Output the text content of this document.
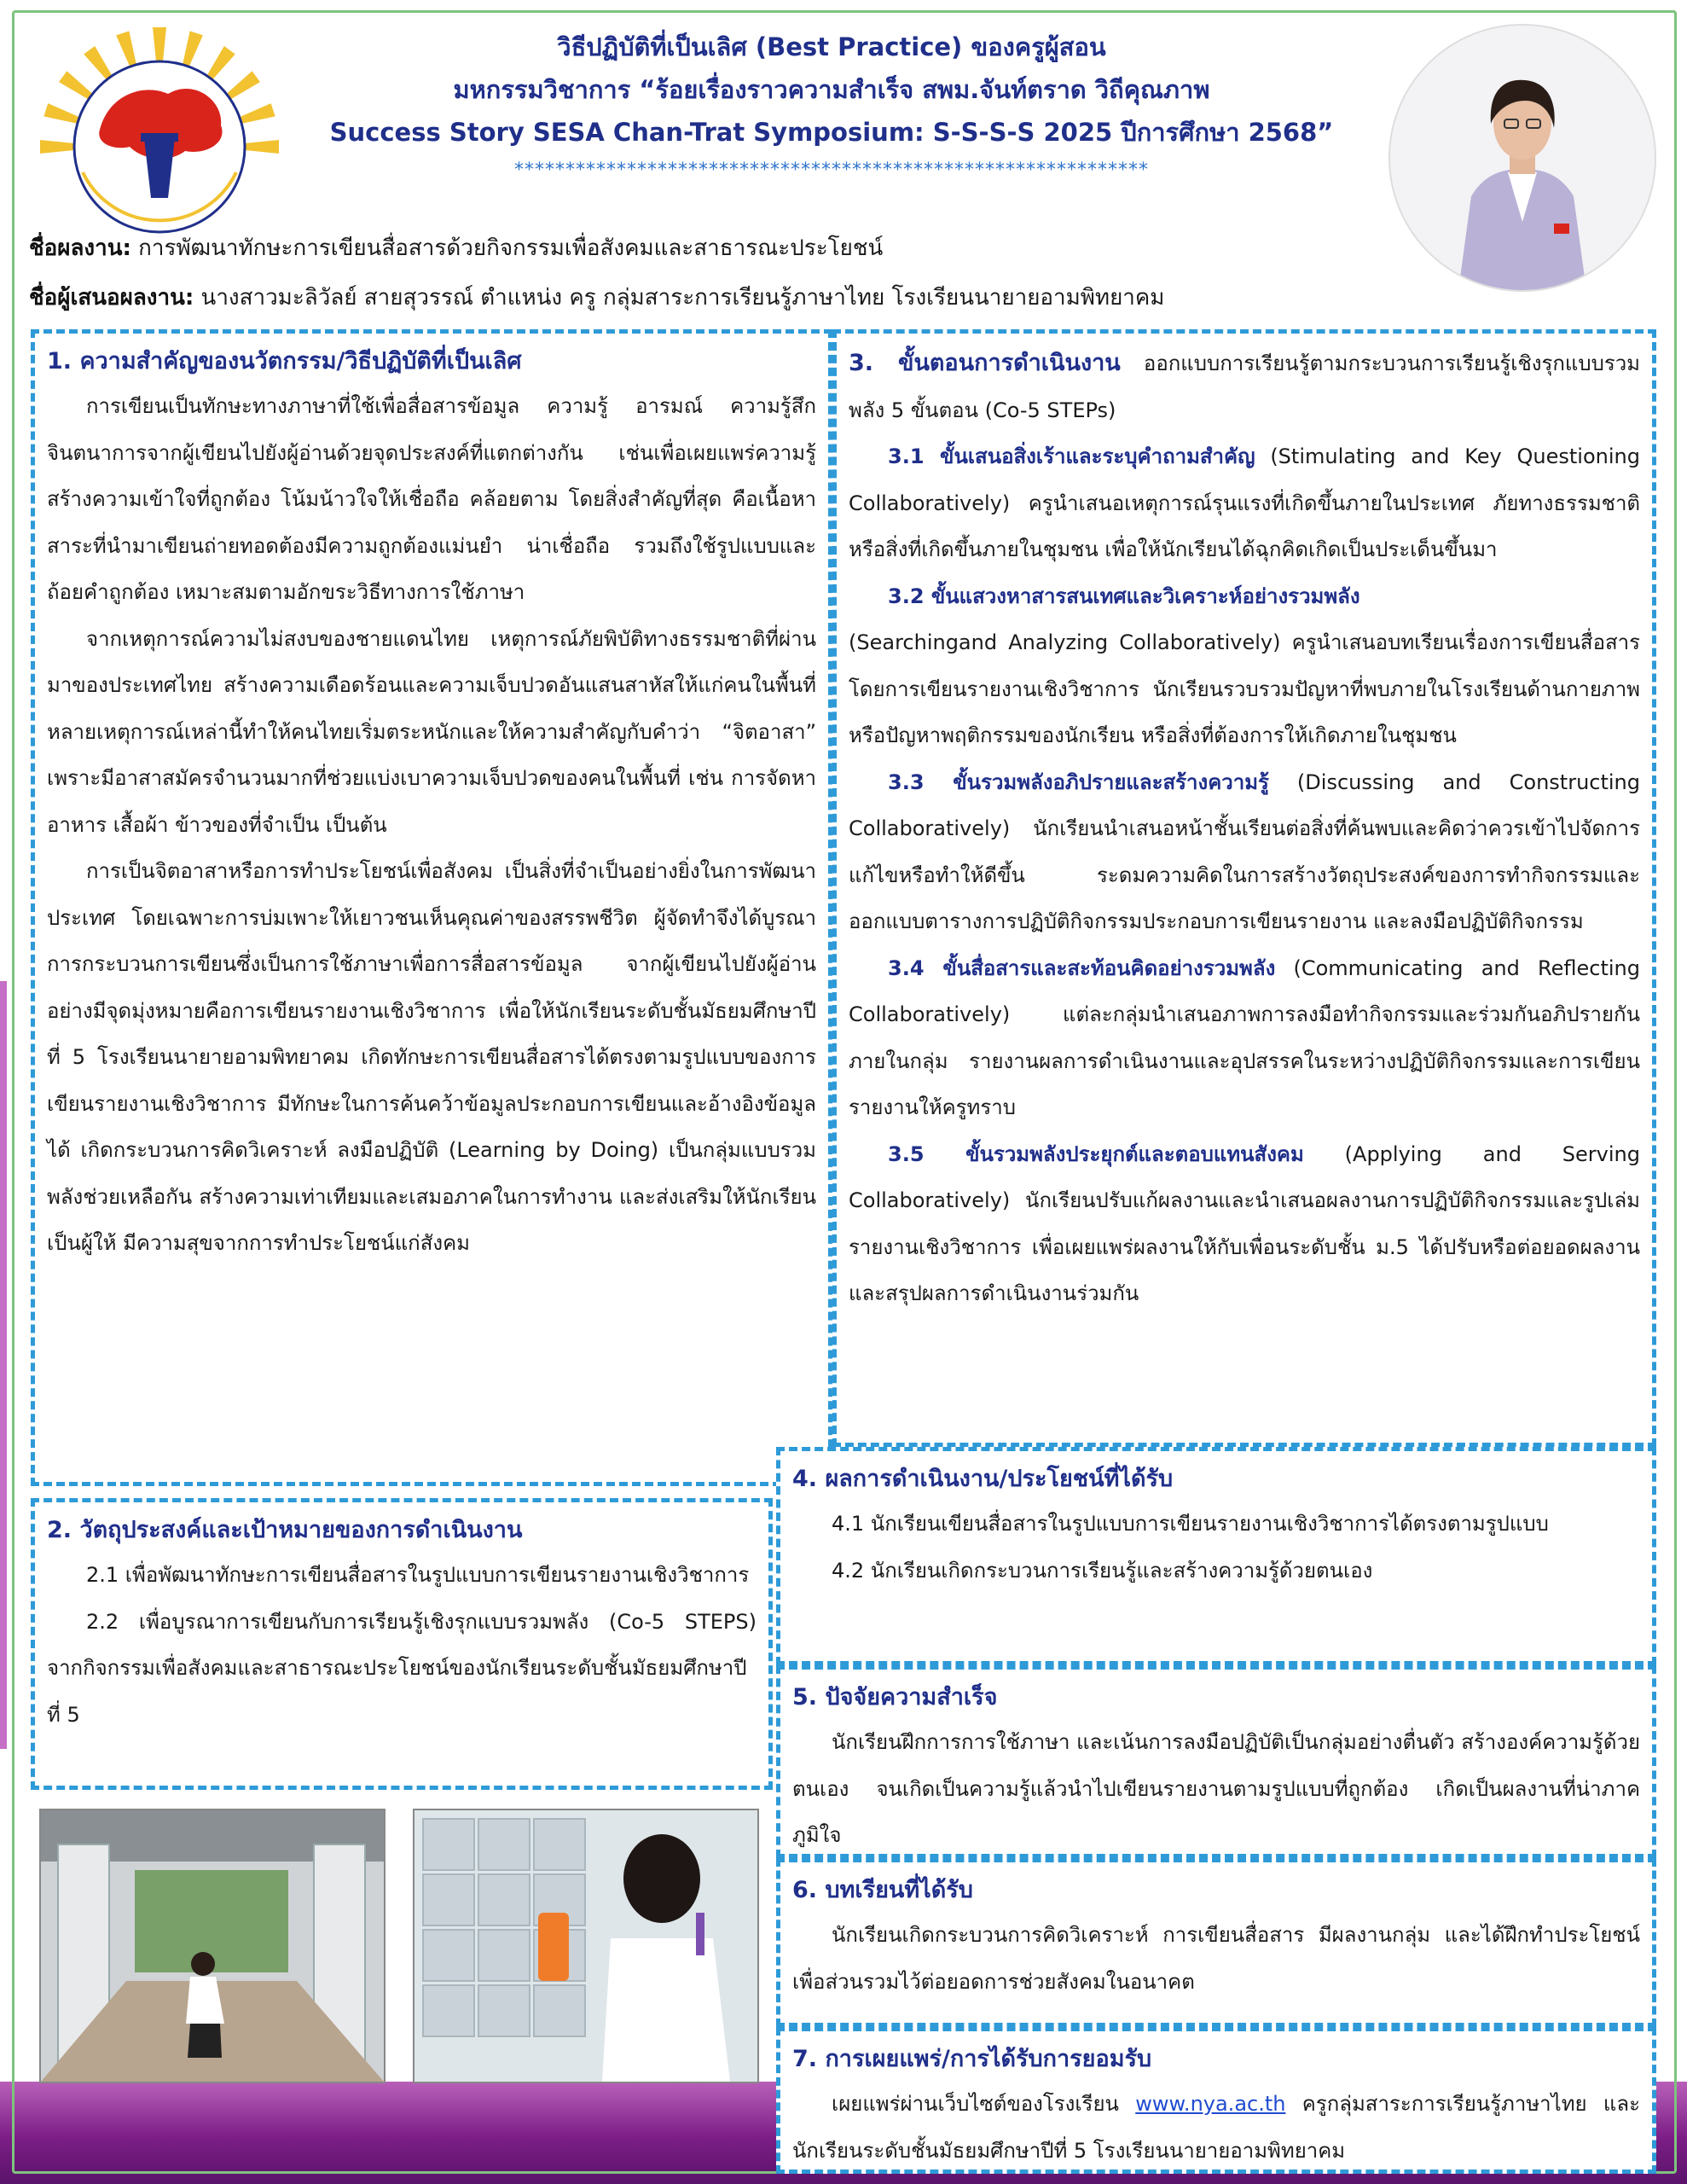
วิธีปฏิบัติที่เป็นเลิศ (Best Practice) ของครูผู้สอน
มหกรรมวิชาการ “ร้อยเรื่องราวความสำเร็จ สพม.จันท์ตราด วิถีคุณภาพ
Success Story SESA Chan-Trat Symposium: S-S-S-S 2025 ปีการศึกษา 2568”
**************************************************************
ชื่อผลงาน: การพัฒนาทักษะการเขียนสื่อสารด้วยกิจกรรมเพื่อสังคมและสาธารณะประโยชน์
ชื่อผู้เสนอผลงาน: นางสาวมะลิวัลย์ สายสุวรรณ์ ตำแหน่ง ครู กลุ่มสาระการเรียนรู้ภาษาไทย โรงเรียนนายายอามพิทยาคม
1. ความสำคัญของนวัตกรรม/วิธีปฏิบัติที่เป็นเลิศ

การเขียนเป็นทักษะทางภาษาที่ใช้เพื่อสื่อสารข้อมูล ความรู้ อารมณ์ ความรู้สึก จินตนาการจากผู้เขียนไปยังผู้อ่านด้วยจุดประสงค์ที่แตกต่างกัน เช่นเพื่อเผยแพร่ความรู้ สร้างความเข้าใจที่ถูกต้อง โน้มน้าวใจให้เชื่อถือ คล้อยตาม โดยสิ่งสำคัญที่สุด คือเนื้อหาสาระที่นำมาเขียนถ่ายทอดต้องมีความถูกต้องแม่นยำ น่าเชื่อถือ รวมถึงใช้รูปแบบและถ้อยคำถูกต้อง เหมาะสมตามอักขระวิธีทางการใช้ภาษา

จากเหตุการณ์ความไม่สงบของชายแดนไทย เหตุการณ์ภัยพิบัติทางธรรมชาติที่ผ่านมาของประเทศไทย สร้างความเดือดร้อนและความเจ็บปวดอันแสนสาหัสให้แก่คนในพื้นที่ หลายเหตุการณ์เหล่านี้ทำให้คนไทยเริ่มตระหนักและให้ความสำคัญกับคำว่า “จิตอาสา” เพราะมีอาสาสมัครจำนวนมากที่ช่วยแบ่งเบาความเจ็บปวดของคนในพื้นที่ เช่น การจัดหาอาหาร เสื้อผ้า ข้าวของที่จำเป็น เป็นต้น

การเป็นจิตอาสาหรือการทำประโยชน์เพื่อสังคม เป็นสิ่งที่จำเป็นอย่างยิ่งในการพัฒนาประเทศ โดยเฉพาะการบ่มเพาะให้เยาวชนเห็นคุณค่าของสรรพชีวิต ผู้จัดทำจึงได้บูรณาการกระบวนการเขียนซึ่งเป็นการใช้ภาษาเพื่อการสื่อสารข้อมูล จากผู้เขียนไปยังผู้อ่านอย่างมีจุดมุ่งหมายคือการเขียนรายงานเชิงวิชาการ เพื่อให้นักเรียนระดับชั้นมัธยมศึกษาปีที่ 5 โรงเรียนนายายอามพิทยาคม เกิดทักษะการเขียนสื่อสารได้ตรงตามรูปแบบของการเขียนรายงานเชิงวิชาการ มีทักษะในการค้นคว้าข้อมูลประกอบการเขียนและอ้างอิงข้อมูลได้ เกิดกระบวนการคิดวิเคราะห์ ลงมือปฏิบัติ (Learning by Doing) เป็นกลุ่มแบบรวมพลังช่วยเหลือกัน สร้างความเท่าเทียมและเสมอภาคในการทำงาน และส่งเสริมให้นักเรียนเป็นผู้ให้ มีความสุขจากการทำประโยชน์แก่สังคม

2. วัตถุประสงค์และเป้าหมายของการดำเนินงาน

2.1 เพื่อพัฒนาทักษะการเขียนสื่อสารในรูปแบบการเขียนรายงานเชิงวิชาการ

2.2 เพื่อบูรณาการเขียนกับการเรียนรู้เชิงรุกแบบรวมพลัง (Co-5 STEPS) จากกิจกรรมเพื่อสังคมและสาธารณะประโยชน์ของนักเรียนระดับชั้นมัธยมศึกษาปีที่ 5

3. ขั้นตอนการดำเนินงาน ออกแบบการเรียนรู้ตามกระบวนการเรียนรู้เชิงรุกแบบรวมพลัง 5 ขั้นตอน (Co-5 STEPs)

3.1 ขั้นเสนอสิ่งเร้าและระบุคำถามสำคัญ (Stimulating and Key Questioning Collaboratively) ครูนำเสนอเหตุการณ์รุนแรงที่เกิดขึ้นภายในประเทศ ภัยทางธรรมชาติ หรือสิ่งที่เกิดขึ้นภายในชุมชน เพื่อให้นักเรียนได้ฉุกคิดเกิดเป็นประเด็นขึ้นมา

3.2 ขั้นแสวงหาสารสนเทศและวิเคราะห์อย่างรวมพลัง

(Searchingand Analyzing Collaboratively) ครูนำเสนอบทเรียนเรื่องการเขียนสื่อสาร โดยการเขียนรายงานเชิงวิชาการ นักเรียนรวบรวมปัญหาที่พบภายในโรงเรียนด้านกายภาพ หรือปัญหาพฤติกรรมของนักเรียน หรือสิ่งที่ต้องการให้เกิดภายในชุมชน

3.3 ขั้นรวมพลังอภิปรายและสร้างความรู้ (Discussing and Constructing Collaboratively) นักเรียนนำเสนอหน้าชั้นเรียนต่อสิ่งที่ค้นพบและคิดว่าควรเข้าไปจัดการแก้ไขหรือทำให้ดีขึ้น ระดมความคิดในการสร้างวัตถุประสงค์ของการทำกิจกรรมและออกแบบตารางการปฏิบัติกิจกรรมประกอบการเขียนรายงาน และลงมือปฏิบัติกิจกรรม

3.4 ขั้นสื่อสารและสะท้อนคิดอย่างรวมพลัง (Communicating and Reflecting Collaboratively) แต่ละกลุ่มนำเสนอภาพการลงมือทำกิจกรรมและร่วมกันอภิปรายกันภายในกลุ่ม รายงานผลการดำเนินงานและอุปสรรคในระหว่างปฏิบัติกิจกรรมและการเขียนรายงานให้ครูทราบ

3.5 ขั้นรวมพลังประยุกต์และตอบแทนสังคม (Applying and Serving Collaboratively) นักเรียนปรับแก้ผลงานและนำเสนอผลงานการปฏิบัติกิจกรรมและรูปเล่มรายงานเชิงวิชาการ เพื่อเผยแพร่ผลงานให้กับเพื่อนระดับชั้น ม.5 ได้ปรับหรือต่อยอดผลงาน และสรุปผลการดำเนินงานร่วมกัน

4. ผลการดำเนินงาน/ประโยชน์ที่ได้รับ

4.1 นักเรียนเขียนสื่อสารในรูปแบบการเขียนรายงานเชิงวิชาการได้ตรงตามรูปแบบ

4.2 นักเรียนเกิดกระบวนการเรียนรู้และสร้างความรู้ด้วยตนเอง

5. ปัจจัยความสำเร็จ

นักเรียนฝึกการการใช้ภาษา และเน้นการลงมือปฏิบัติเป็นกลุ่มอย่างตื่นตัว สร้างองค์ความรู้ด้วยตนเอง จนเกิดเป็นความรู้แล้วนำไปเขียนรายงานตามรูปแบบที่ถูกต้อง เกิดเป็นผลงานที่น่าภาคภูมิใจ

6. บทเรียนที่ได้รับ

นักเรียนเกิดกระบวนการคิดวิเคราะห์ การเขียนสื่อสาร มีผลงานกลุ่ม และได้ฝึกทำประโยชน์เพื่อส่วนรวมไว้ต่อยอดการช่วยสังคมในอนาคต

7. การเผยแพร่/การได้รับการยอมรับ

เผยแพร่ผ่านเว็บไซต์ของโรงเรียน www.nya.ac.th ครูกลุ่มสาระการเรียนรู้ภาษาไทย และนักเรียนระดับชั้นมัธยมศึกษาปีที่ 5 โรงเรียนนายายอามพิทยาคม
